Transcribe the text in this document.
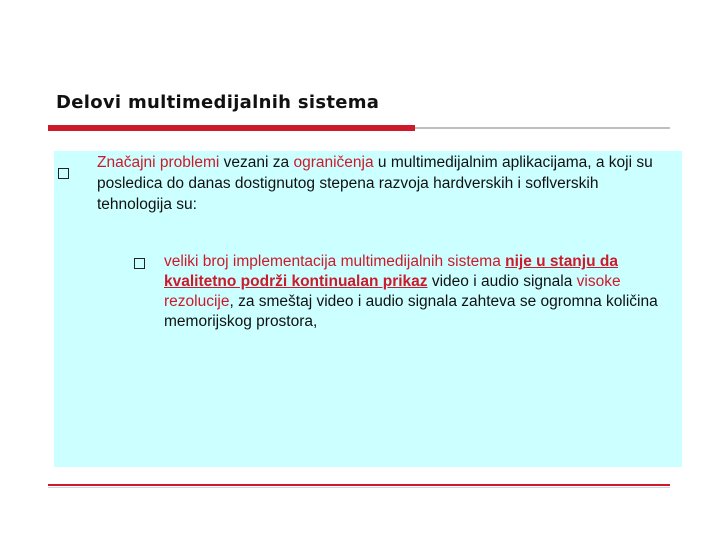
Delovi multimedijalnih sistema
Značajni problemi vezani za ograničenja u multimedijalnim aplikacijama, a koji su posledica do danas dostignutog stepena razvoja hardverskih i soflverskih tehnologija su:
veliki broj implementacija multimedijalnih sistema nije u stanju da kvalitetno podrži kontinualan prikaz video i audio signala visoke rezolucije, za smeštaj video i audio signala zahteva se ogromna količina memorijskog prostora,
